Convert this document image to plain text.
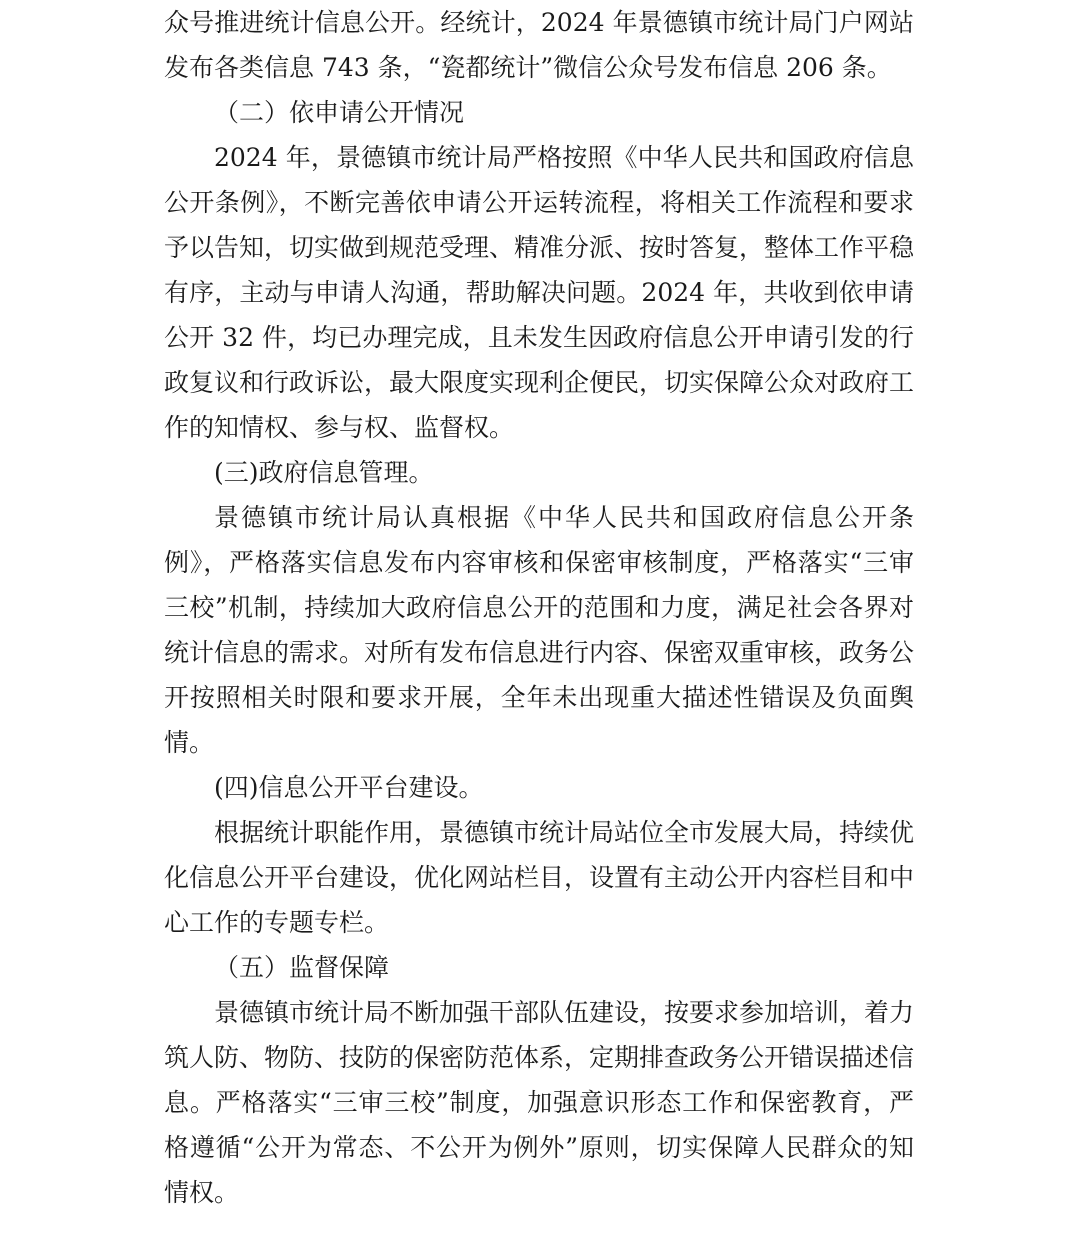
众号推进统计信息公开。经统计，2024 年景德镇市统计局门户网站发布各类信息 743 条，“瓷都统计”微信公众号发布信息 206 条。

（二）依申请公开情况

2024 年，景德镇市统计局严格按照《中华人民共和国政府信息公开条例》，不断完善依申请公开运转流程，将相关工作流程和要求予以告知，切实做到规范受理、精准分派、按时答复，整体工作平稳有序，主动与申请人沟通，帮助解决问题。2024 年，共收到依申请公开 32 件，均已办理完成，且未发生因政府信息公开申请引发的行政复议和行政诉讼，最大限度实现利企便民，切实保障公众对政府工作的知情权、参与权、监督权。

(三)政府信息管理。

景德镇市统计局认真根据《中华人民共和国政府信息公开条例》，严格落实信息发布内容审核和保密审核制度，严格落实“三审三校”机制，持续加大政府信息公开的范围和力度，满足社会各界对统计信息的需求。对所有发布信息进行内容、保密双重审核，政务公开按照相关时限和要求开展，全年未出现重大描述性错误及负面舆情。

(四)信息公开平台建设。

根据统计职能作用，景德镇市统计局站位全市发展大局，持续优化信息公开平台建设，优化网站栏目，设置有主动公开内容栏目和中心工作的专题专栏。

（五）监督保障

景德镇市统计局不断加强干部队伍建设，按要求参加培训，着力筑人防、物防、技防的保密防范体系，定期排查政务公开错误描述信息。严格落实“三审三校”制度，加强意识形态工作和保密教育，严格遵循“公开为常态、不公开为例外”原则，切实保障人民群众的知情权。
